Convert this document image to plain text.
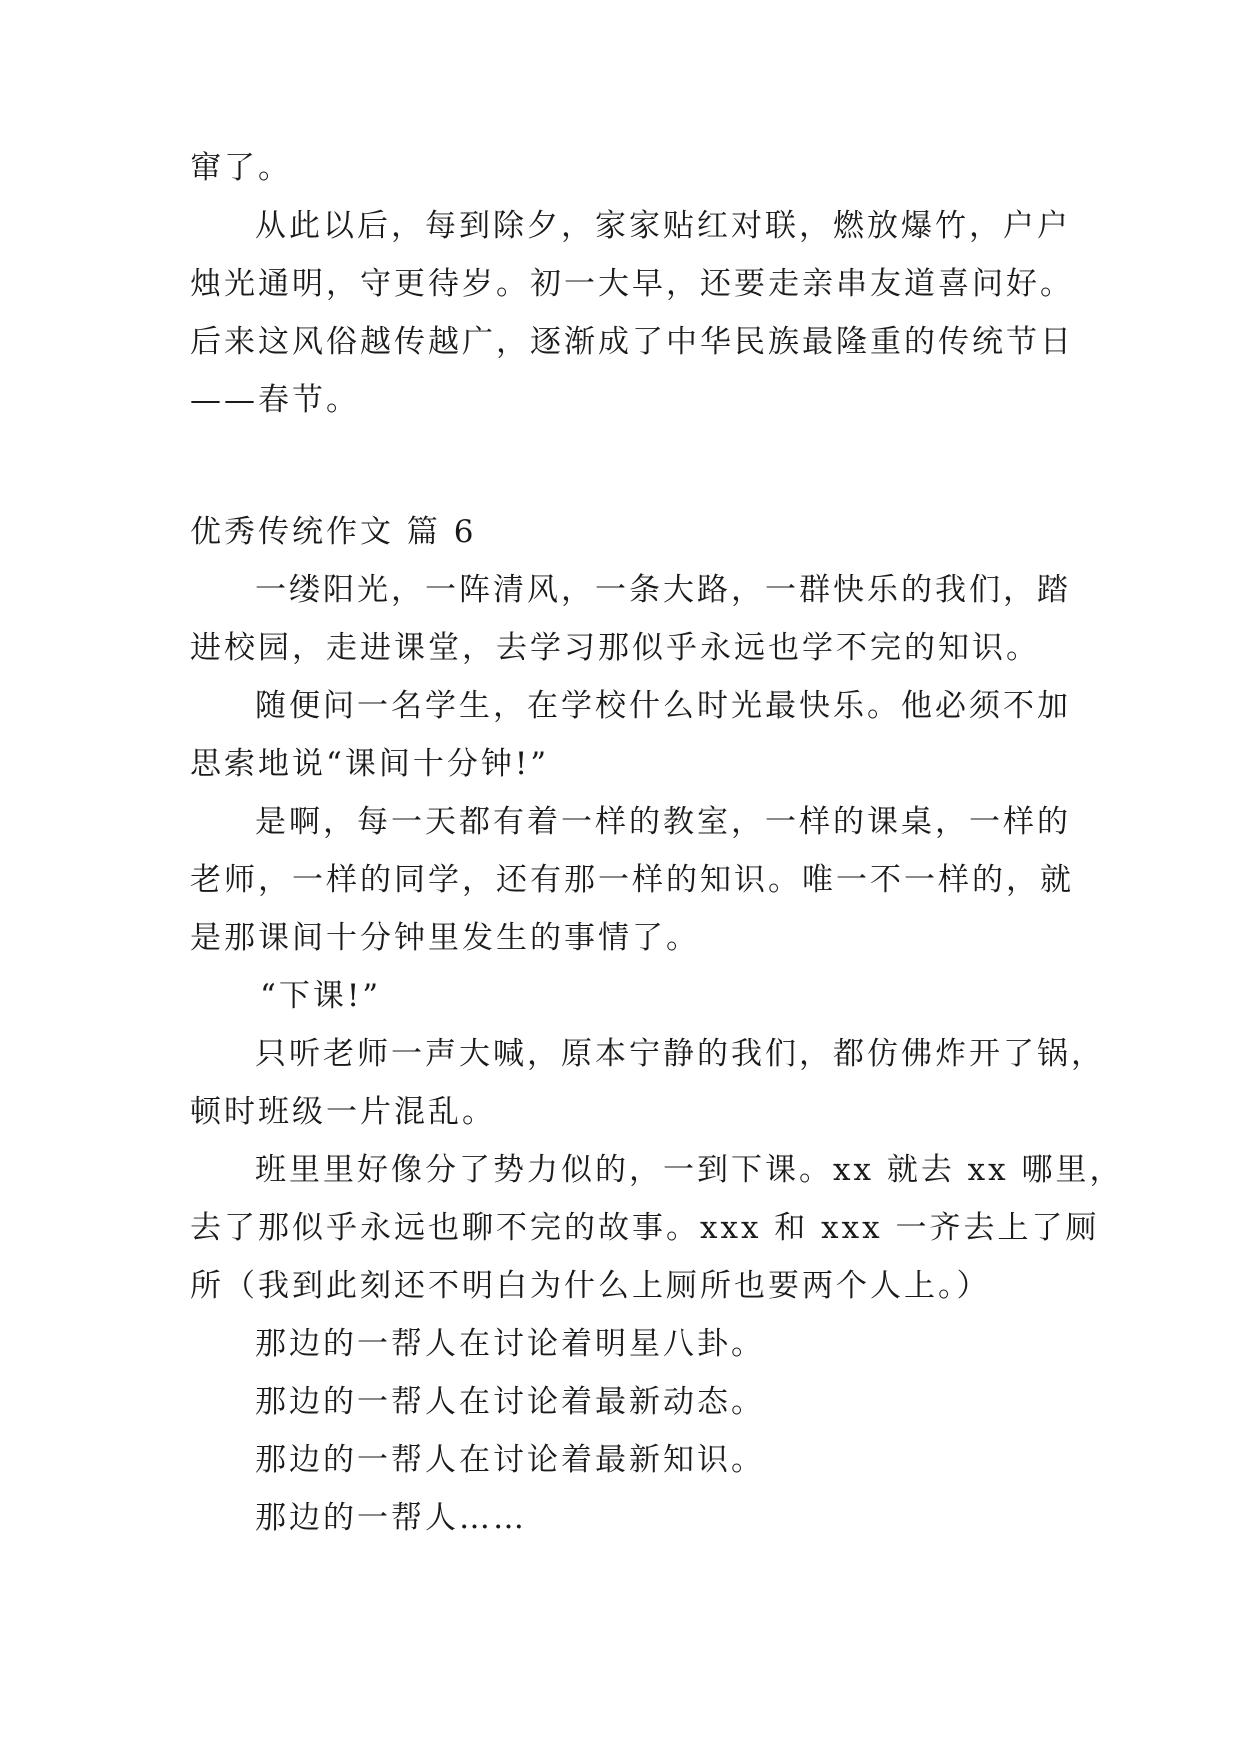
窜了。
从此以后，每到除夕，家家贴红对联，燃放爆竹，户户
烛光通明，守更待岁。初一大早，还要走亲串友道喜问好。
后来这风俗越传越广，逐渐成了中华民族最隆重的传统节日
——春节。
优秀传统作文 篇 6
一缕阳光，一阵清风，一条大路，一群快乐的我们，踏
进校园，走进课堂，去学习那似乎永远也学不完的知识。
随便问一名学生，在学校什么时光最快乐。他必须不加
思索地说“课间十分钟!”
是啊，每一天都有着一样的教室，一样的课桌，一样的
老师，一样的同学，还有那一样的知识。唯一不一样的，就
是那课间十分钟里发生的事情了。
“下课!”
只听老师一声大喊，原本宁静的我们，都仿佛炸开了锅，
顿时班级一片混乱。
班里里好像分了势力似的，一到下课。xx 就去 xx 哪里，
去了那似乎永远也聊不完的故事。xxx 和 xxx 一齐去上了厕
所（我到此刻还不明白为什么上厕所也要两个人上。）
那边的一帮人在讨论着明星八卦。
那边的一帮人在讨论着最新动态。
那边的一帮人在讨论着最新知识。
那边的一帮人……
